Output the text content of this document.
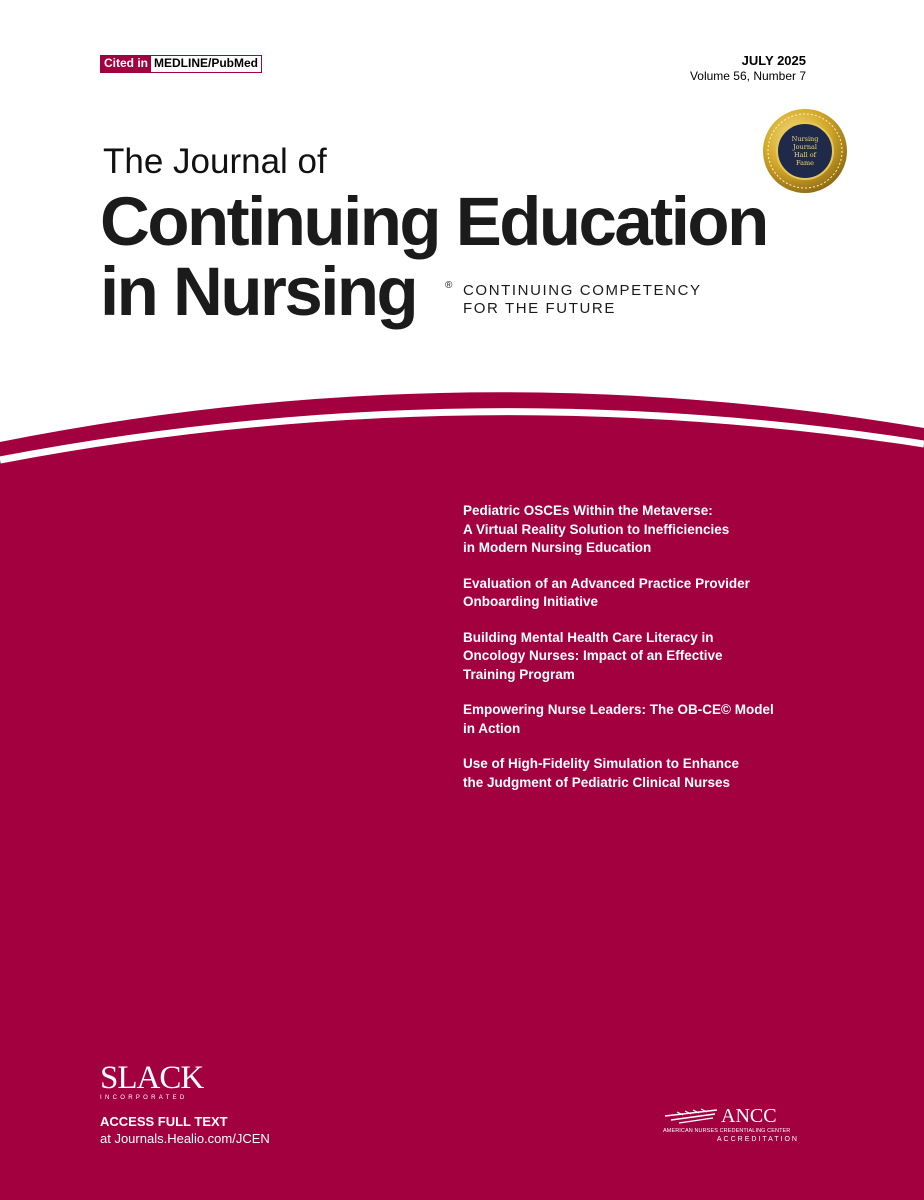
Cited in MEDLINE/PubMed	JULY 2025
Volume 56, Number 7
Nursing
Journal
Hall of
Fame
The Journal of
Continuing Education
in Nursing	® CONTINUING COMPETENCY
FOR THE FUTURE
Pediatric OSCEs Within the Metaverse:
A Virtual Reality Solution to Inefficiencies
in Modern Nursing Education
Evaluation of an Advanced Practice Provider
Onboarding Initiative
Building Mental Health Care Literacy in
Oncology Nurses: Impact of an Effective
Training Program
Empowering Nurse Leaders: The OB-CE© Model
in Action
Use of High-Fidelity Simulation to Enhance
the Judgment of Pediatric Clinical Nurses
SLACK
INCORPORATED
ACCESS FULL TEXT
at Journals.Healio.com/JCEN
ANCC
AMERICAN NURSES CREDENTIALING CENTER
ACCREDITATION
